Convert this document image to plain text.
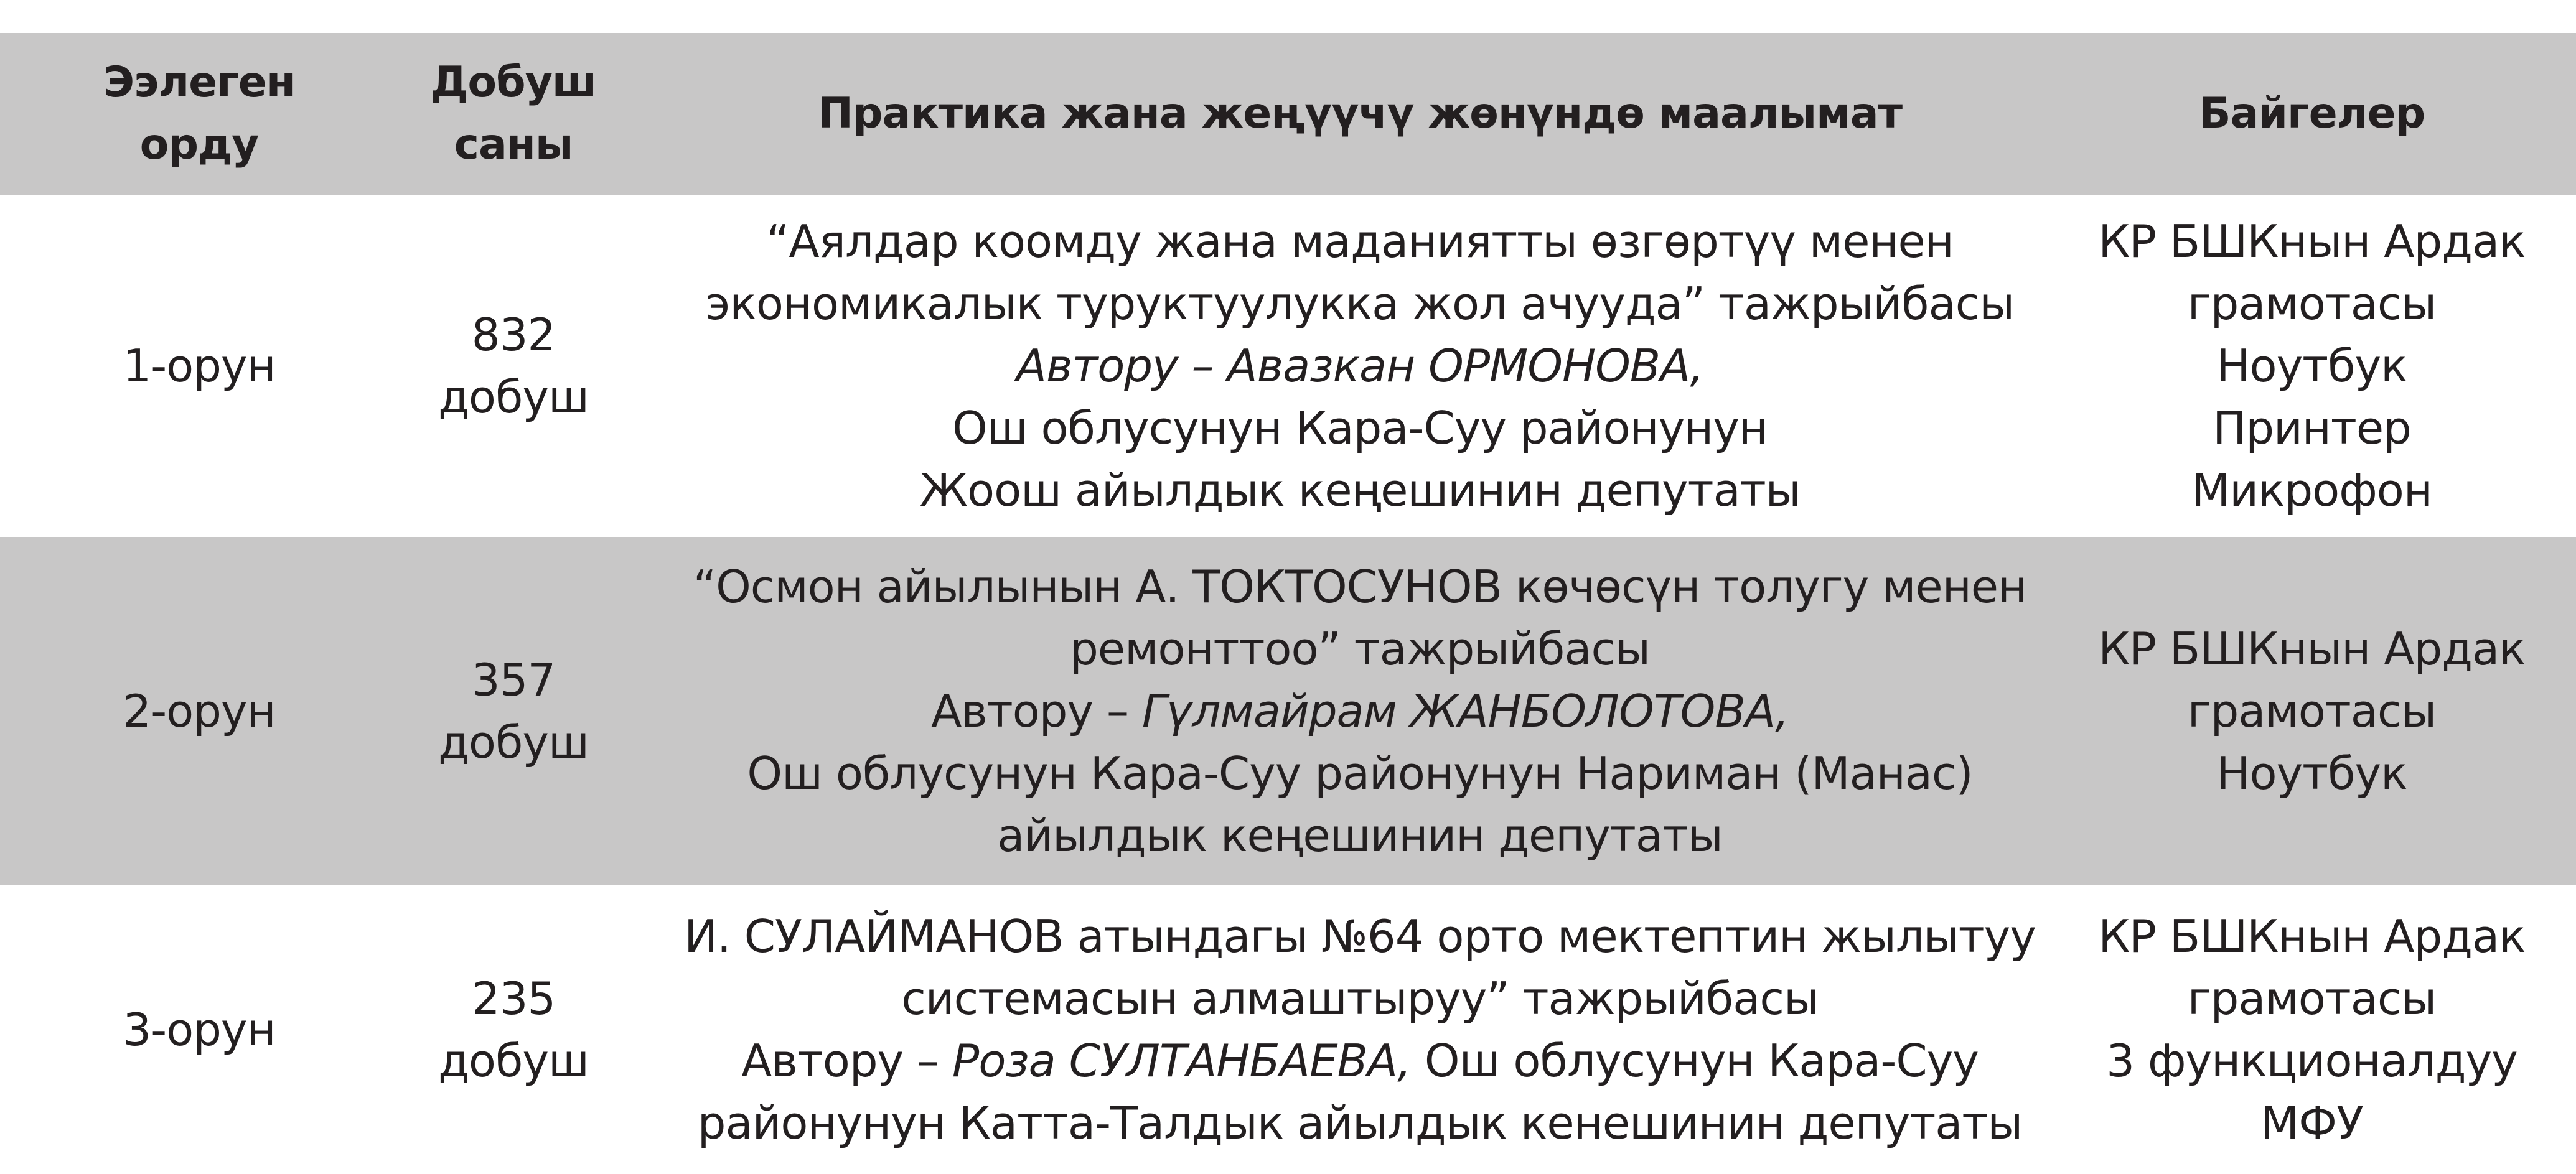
Ээлеген
орду
Добуш
саны
Практика жана жеңүүчү жөнүндө маалымат	Байгелер
1-орун
832
добуш
“Аялдар коомду жана маданиятты өзгөртүү менен
экономикалык туруктуулукка жол ачууда” тажрыйбасы
Автору – Авазкан ОРМОНОВА,
Ош облусунун Кара-Суу районунун
Жоош айылдык кеңешинин депутаты
КР БШКнын Ардак
грамотасы
Ноутбук
Принтер
Микрофон
2-орун
357
добуш
“Осмон айылынын А. ТОКТОСУНОВ көчөсүн толугу менен
ремонттоо” тажрыйбасы
Автору – Гүлмайрам ЖАНБОЛОТОВА,
Ош облусунун Кара-Суу районунун Нариман (Манас)
айылдык кеңешинин депутаты
КР БШКнын Ардак
грамотасы
Ноутбук
3-орун
235
добуш
И. СУЛАЙМАНОВ атындагы №64 орто мектептин жылытуу
системасын алмаштыруу” тажрыйбасы
Автору – Роза СУЛТАНБАЕВА, Ош облусунун Кара-Суу
районунун Катта-Талдык айылдык кенешинин депутаты
КР БШКнын Ардак
грамотасы
3 функционалдуу
МФУ
